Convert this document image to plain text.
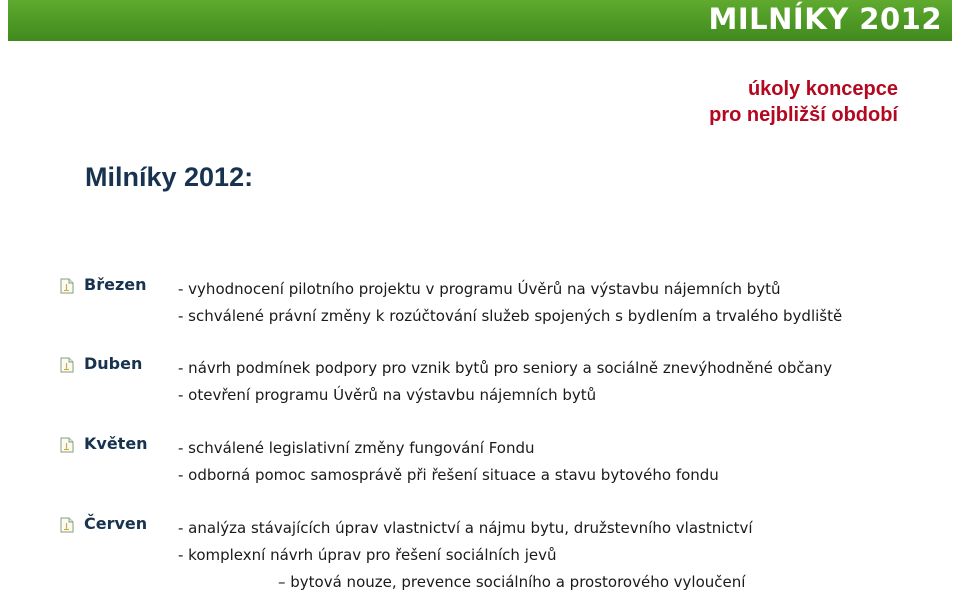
MILNÍKY 2012
úkoly koncepce
pro nejbližší období
Milníky 2012:
Březen - vyhodnocení pilotního projektu v programu Úvěrů na výstavbu nájemních bytů
- schválené právní změny k rozúčtování služeb spojených s bydlením a trvalého bydliště
Duben - návrh podmínek podpory pro vznik bytů pro seniory a sociálně znevýhodněné občany
- otevření programu Úvěrů na výstavbu nájemních bytů
Květen - schválené legislativní změny fungování Fondu
- odborná pomoc samosprávě při řešení situace a stavu bytového fondu
Červen - analýza stávajících úprav vlastnictví a nájmu bytu, družstevního vlastnictví
- komplexní návrh úprav pro řešení sociálních jevů
– bytová nouze, prevence sociálního a prostorového vyloučení
